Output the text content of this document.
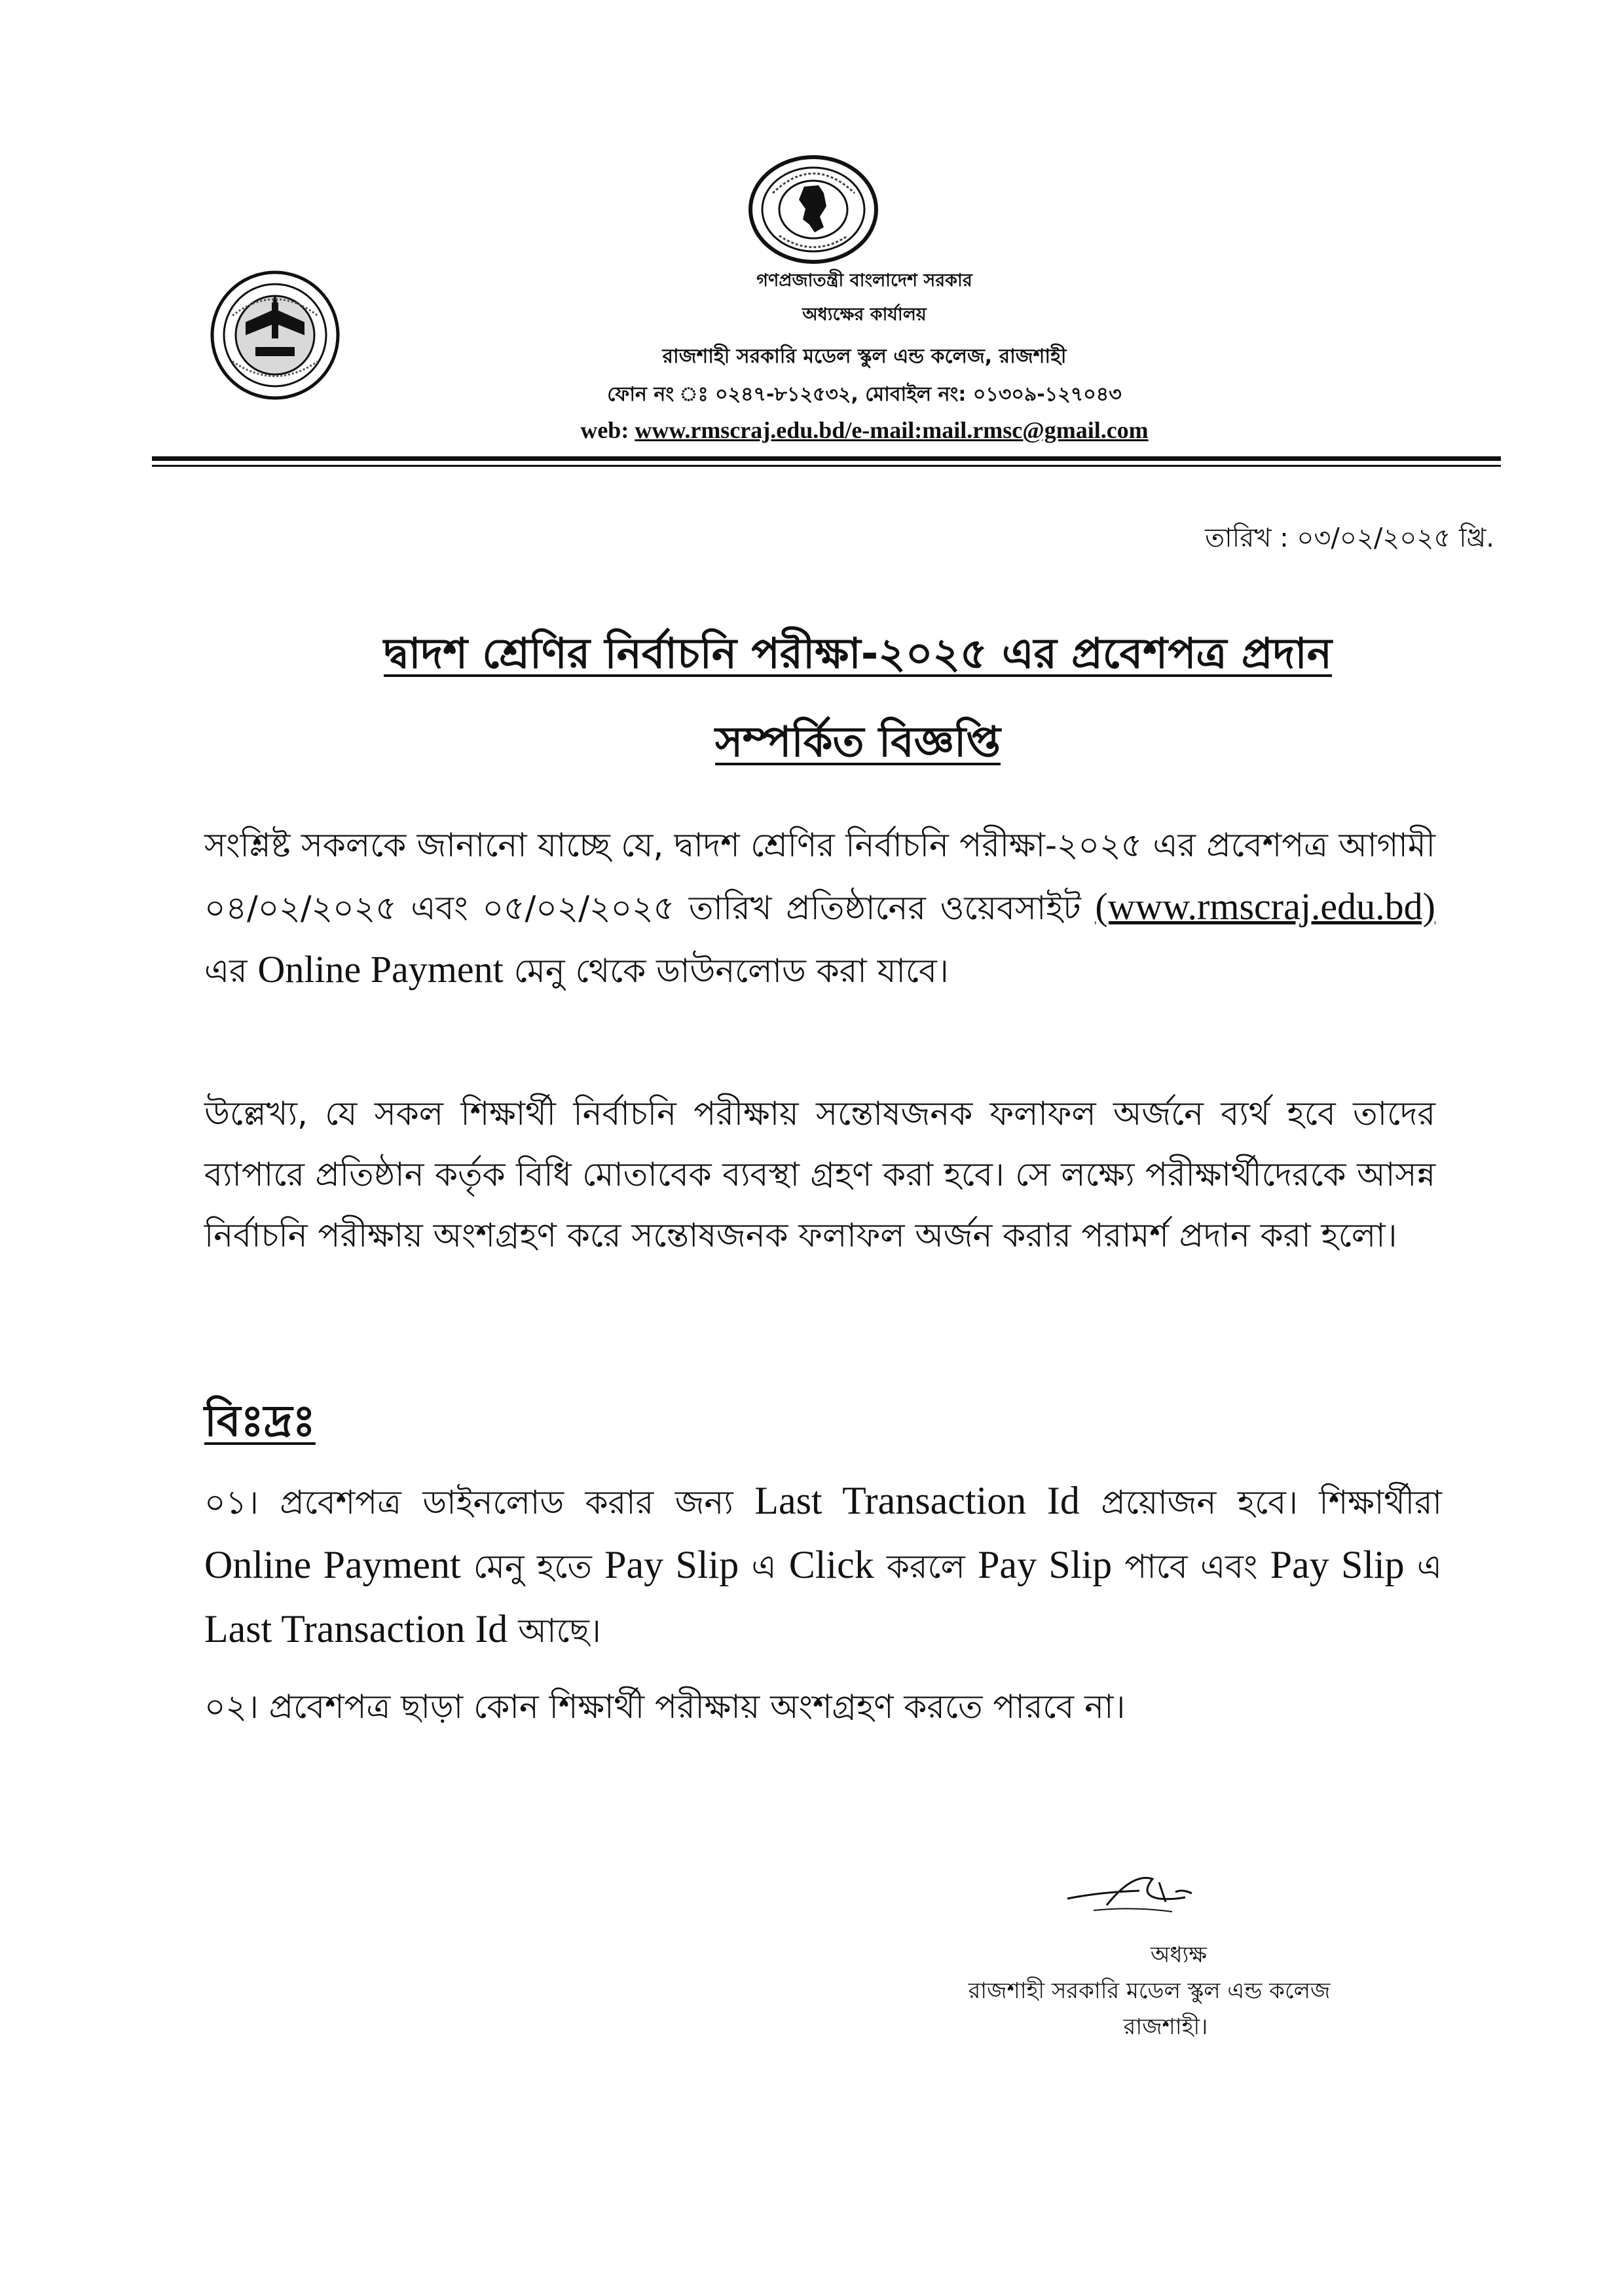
গণপ্রজাতন্ত্রী বাংলাদেশ সরকার
অধ্যক্ষের কার্যালয়
রাজশাহী সরকারি মডেল স্কুল এন্ড কলেজ, রাজশাহী
ফোন নং ঃ ০২৪৭-৮১২৫৩২, মোবাইল নং: ০১৩০৯-১২৭০৪৩
web: www.rmscraj.edu.bd/e-mail:mail.rmsc@gmail.com
তারিখ : ০৩/০২/২০২৫ খ্রি.
দ্বাদশ শ্রেণির নির্বাচনি পরীক্ষা-২০২৫ এর প্রবেশপত্র প্রদান
সম্পর্কিত বিজ্ঞপ্তি
সংশ্লিষ্ট সকলকে জানানো যাচ্ছে যে, দ্বাদশ শ্রেণির নির্বাচনি পরীক্ষা-২০২৫ এর প্রবেশপত্র আগামী ০৪/০২/২০২৫ এবং ০৫/০২/২০২৫ তারিখ প্রতিষ্ঠানের ওয়েবসাইট (www.rmscraj.edu.bd) এর Online Payment মেনু থেকে ডাউনলোড করা যাবে।
উল্লেখ্য, যে সকল শিক্ষার্থী নির্বাচনি পরীক্ষায় সন্তোষজনক ফলাফল অর্জনে ব্যর্থ হবে তাদের ব্যাপারে প্রতিষ্ঠান কর্তৃক বিধি মোতাবেক ব্যবস্থা গ্রহণ করা হবে। সে লক্ষ্যে পরীক্ষার্থীদেরকে আসন্ন নির্বাচনি পরীক্ষায় অংশগ্রহণ করে সন্তোষজনক ফলাফল অর্জন করার পরামর্শ প্রদান করা হলো।
বিঃদ্রঃ
০১। প্রবেশপত্র ডাইনলোড করার জন্য Last Transaction Id প্রয়োজন হবে। শিক্ষার্থীরা Online Payment মেনু হতে Pay Slip এ Click করলে Pay Slip পাবে এবং Pay Slip এ Last Transaction Id আছে।
০২। প্রবেশপত্র ছাড়া কোন শিক্ষার্থী পরীক্ষায় অংশগ্রহণ করতে পারবে না।
অধ্যক্ষ
রাজশাহী সরকারি মডেল স্কুল এন্ড কলেজ
রাজশাহী।
